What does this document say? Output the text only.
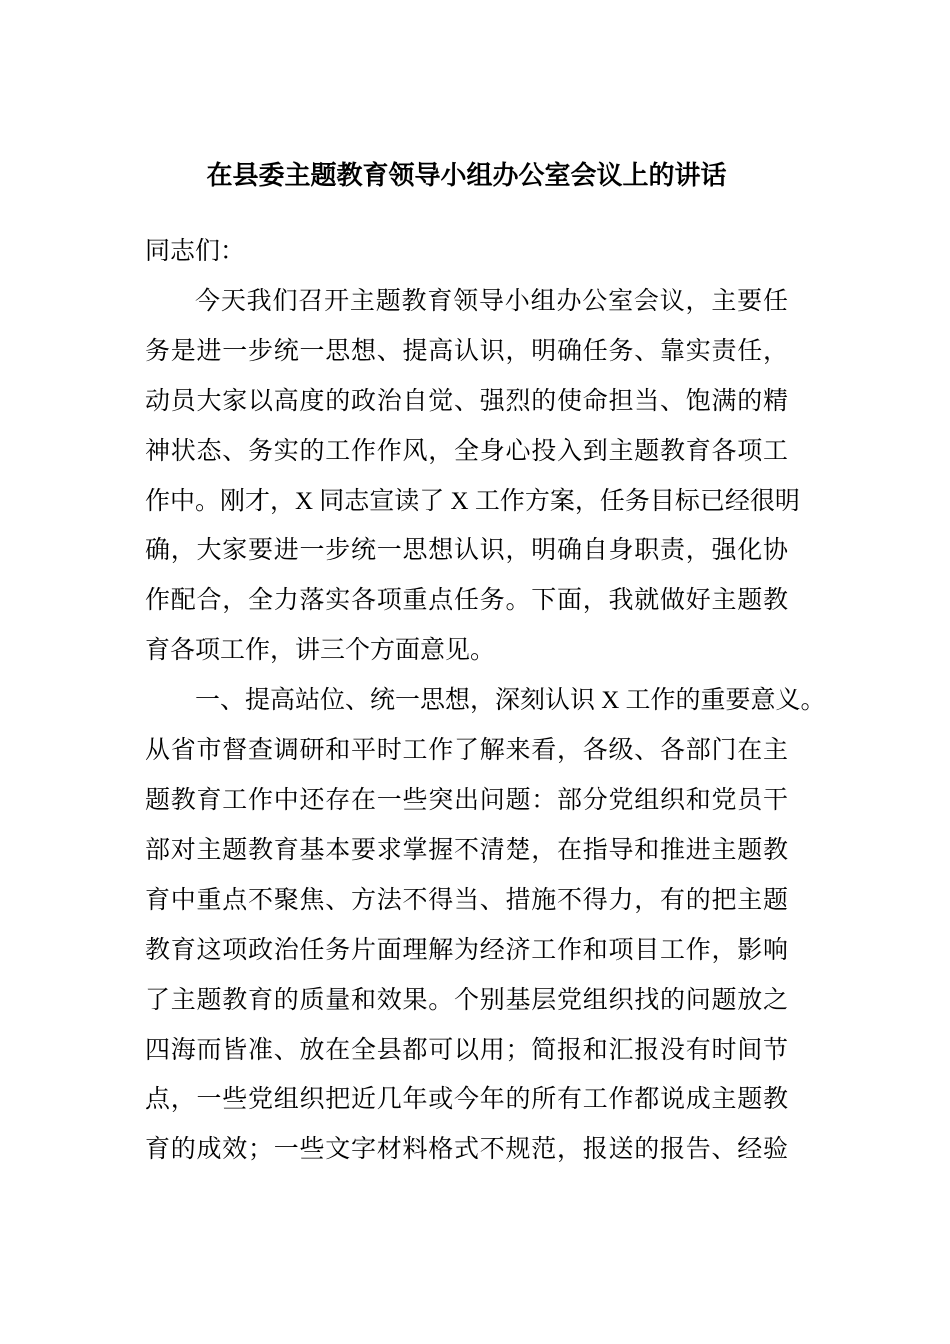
在县委主题教育领导小组办公室会议上的讲话
同志们：
今天我们召开主题教育领导小组办公室会议，主要任
务是进一步统一思想、提高认识，明确任务、靠实责任，
动员大家以高度的政治自觉、强烈的使命担当、饱满的精
神状态、务实的工作作风，全身心投入到主题教育各项工
作中。刚才，X 同志宣读了 X 工作方案，任务目标已经很明
确，大家要进一步统一思想认识，明确自身职责，强化协
作配合，全力落实各项重点任务。下面，我就做好主题教
育各项工作，讲三个方面意见。
一、提高站位、统一思想，深刻认识 X 工作的重要意义。
从省市督查调研和平时工作了解来看，各级、各部门在主
题教育工作中还存在一些突出问题：部分党组织和党员干
部对主题教育基本要求掌握不清楚，在指导和推进主题教
育中重点不聚焦、方法不得当、措施不得力，有的把主题
教育这项政治任务片面理解为经济工作和项目工作，影响
了主题教育的质量和效果。个别基层党组织找的问题放之
四海而皆准、放在全县都可以用；简报和汇报没有时间节
点，一些党组织把近几年或今年的所有工作都说成主题教
育的成效；一些文字材料格式不规范，报送的报告、经验
